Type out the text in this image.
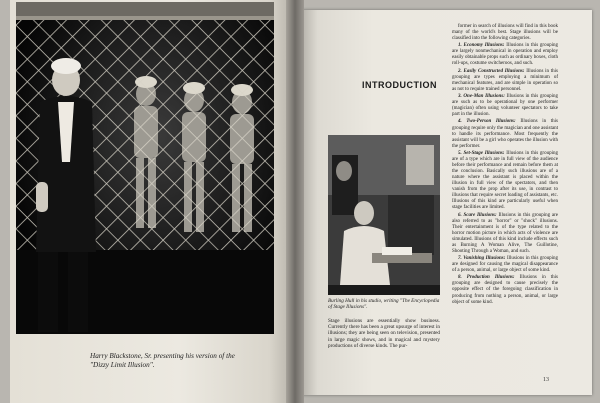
Harry Blackstone, Sr. presenting his version of the
"Dizzy Limit Illusion".
INTRODUCTION
Burling Hull in his studio, writing "The Encyclopedia of Stage Illusions".
Stage illusions are essentially show business. Currently there has been a great upsurge of interest in illusions; they are being seen on television, presented in large magic shows, and in magical and mystery productions of diverse kinds. The pur-

former in search of illusions will find in this book many of the world's best. Stage illusions will be classified into the following categories.

1. Economy Illusions: Illusions in this grouping are largely nonmechanical in operation and employ easily obtainable props such as ordinary boxes, cloth roll-ups, costume switcheroos, and such.

2. Easily Constructed Illusions: Illusions in this grouping are types employing a minimum of mechanical features, and are simple in operation so as not to require trained personnel.

3. One-Man Illusions: Illusions in this grouping are such as to be operational by one performer (magician) often using volunteer spectators to take part in the illusion.

4. Two-Person Illusions: Illusions in this grouping require only the magician and one assistant to handle its performance. Most frequently the assistant will be a girl who operates the illusion with the performer.

5. Set-Stage Illusions: Illusions in this grouping are of a type which are in full view of the audience before their performance and remain before them at the conclusion. Basically such illusions are of a nature where the assistant is placed within the illusion in full view of the spectators, and then vanish from the prop after its use, in contrast to illusions that require secret loading of assistants, etc. Illusions of this kind are particularly useful when stage facilities are limited.

6. Scare Illusions: Illusions in this grouping are also referred to as "horror" or "shock" illusions. Their entertainment is of the type related to the horror motion picture in which acts of violence are simulated. Illusions of this kind include effects such as Burning A Woman Alive, The Guillotine, Shooting Through a Woman, and such.

7. Vanishing Illusions: Illusions in this grouping are designed for causing the magical disappearance of a person, animal, or large object of some kind.

8. Production Illusions: Illusions in this grouping are designed to cause precisely the opposite effect of the foregoing classification in producing from nothing a person, animal, or large object of some kind.

13
